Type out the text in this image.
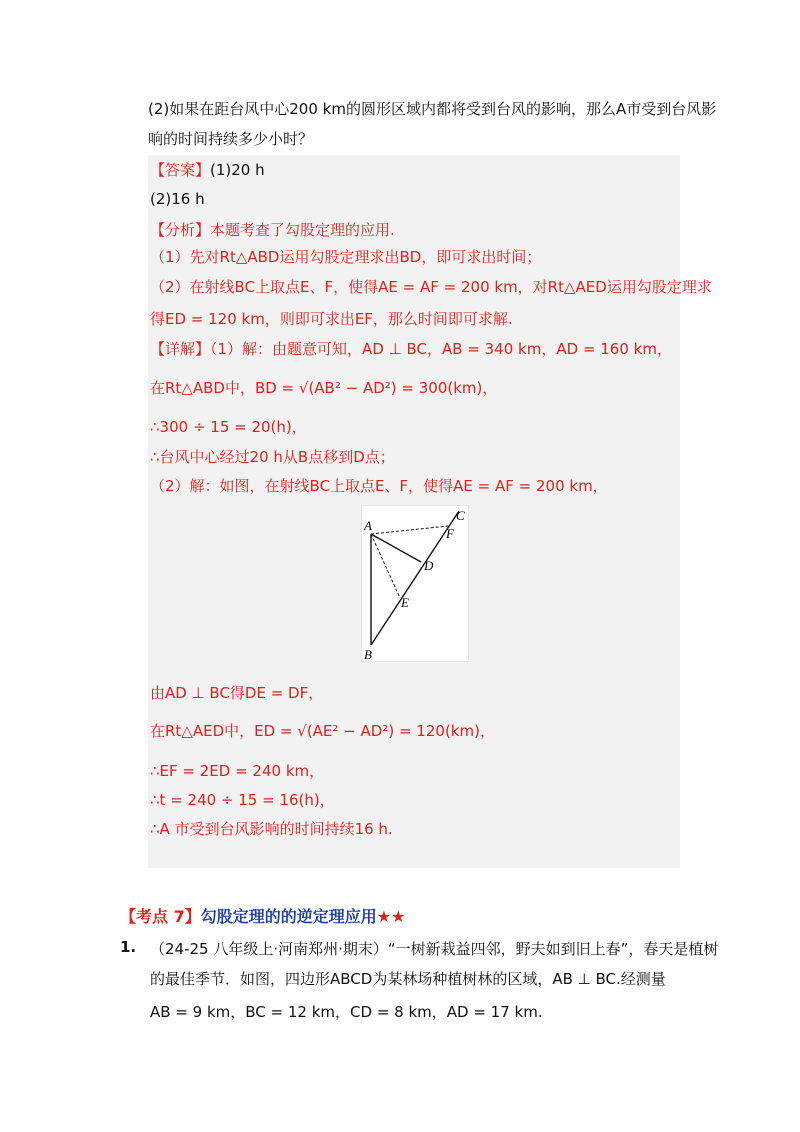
(2)如果在距台风中心200 km的圆形区域内都将受到台风的影响，那么A市受到台风影
响的时间持续多少小时？
【答案】(1)20 h
(2)16 h
【分析】本题考查了勾股定理的应用.
（1）先对Rt△ABD运用勾股定理求出BD，即可求出时间；
（2）在射线BC上取点E、F，使得AE = AF = 200 km，对Rt△AED运用勾股定理求
得ED = 120 km，则即可求出EF，那么时间即可求解.
【详解】（1）解：由题意可知，AD ⊥ BC，AB = 340 km，AD = 160 km，
在Rt△ABD中，BD = √(AB² − AD²) = 300(km)，
∴300 ÷ 15 = 20(h)，
∴台风中心经过20 h从B点移到D点；
（2）解：如图，在射线BC上取点E、F，使得AE = AF = 200 km，
A
B
C
F
D
E
由AD ⊥ BC得DE = DF，
在Rt△AED中，ED = √(AE² − AD²) = 120(km)，
∴EF = 2ED = 240 km，
∴t = 240 ÷ 15 = 16(h)，
∴A 市受到台风影响的时间持续16 h.
【考点 7】勾股定理的的逆定理应用★★
1. （24-25 八年级上·河南郑州·期末）“一树新栽益四邻，野夫如到旧上春”，春天是植树
的最佳季节．如图，四边形ABCD为某林场种植树林的区域，AB ⊥ BC.经测量
AB = 9 km，BC = 12 km，CD = 8 km，AD = 17 km.
